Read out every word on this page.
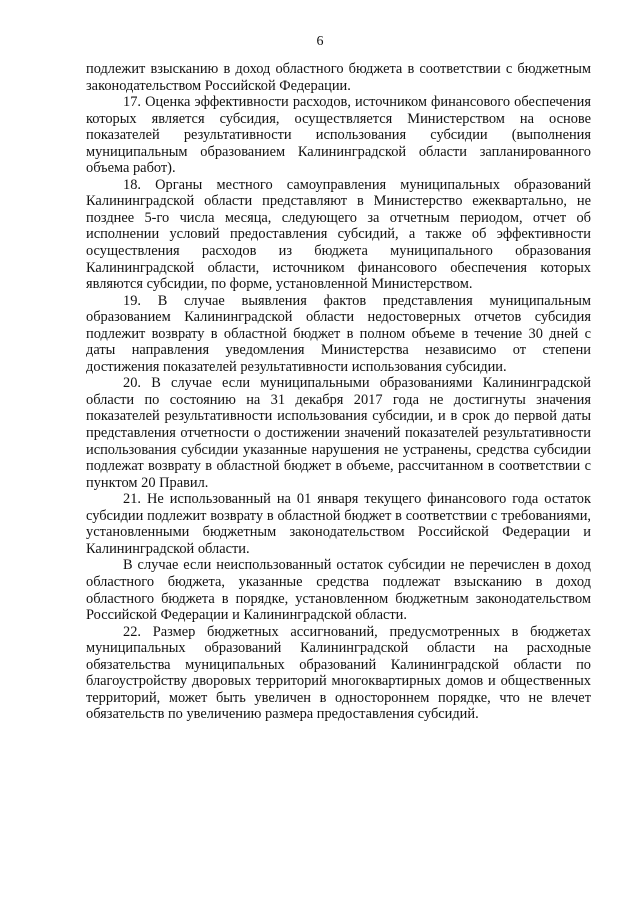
6

подлежит взысканию в доход областного бюджета в соответствии с бюджетным законодательством Российской Федерации.

17. Оценка эффективности расходов, источником финансового обеспечения которых является субсидия, осуществляется Министерством на основе показателей результативности использования субсидии (выполнения муниципальным образованием Калининградской области запланированного объема работ).

18. Органы местного самоуправления муниципальных образований Калининградской области представляют в Министерство ежеквартально, не позднее 5-го числа месяца, следующего за отчетным периодом, отчет об исполнении условий предоставления субсидий, а также об эффективности осуществления расходов из бюджета муниципального образования Калининградской области, источником финансового обеспечения которых являются субсидии, по форме, установленной Министерством.

19. В случае выявления фактов представления муниципальным образованием Калининградской области недостоверных отчетов субсидия подлежит возврату в областной бюджет в полном объеме в течение 30 дней с даты направления уведомления Министерства независимо от степени достижения показателей результативности использования субсидии.

20. В случае если муниципальными образованиями Калининградской области по состоянию на 31 декабря 2017 года не достигнуты значения показателей результативности использования субсидии, и в срок до первой даты представления отчетности о достижении значений показателей результативности использования субсидии указанные нарушения не устранены, средства субсидии подлежат возврату в областной бюджет в объеме, рассчитанном в соответствии с пунктом 20 Правил.

21. Не использованный на 01 января текущего финансового года остаток субсидии подлежит возврату в областной бюджет в соответствии с требованиями, установленными бюджетным законодательством Российской Федерации и Калининградской области.

В случае если неиспользованный остаток субсидии не перечислен в доход областного бюджета, указанные средства подлежат взысканию в доход областного бюджета в порядке, установленном бюджетным законодательством Российской Федерации и Калининградской области.

22. Размер бюджетных ассигнований, предусмотренных в бюджетах муниципальных образований Калининградской области на расходные обязательства муниципальных образований Калининградской области по благоустройству дворовых территорий многоквартирных домов и общественных территорий, может быть увеличен в одностороннем порядке, что не влечет обязательств по увеличению размера предоставления субсидий.
